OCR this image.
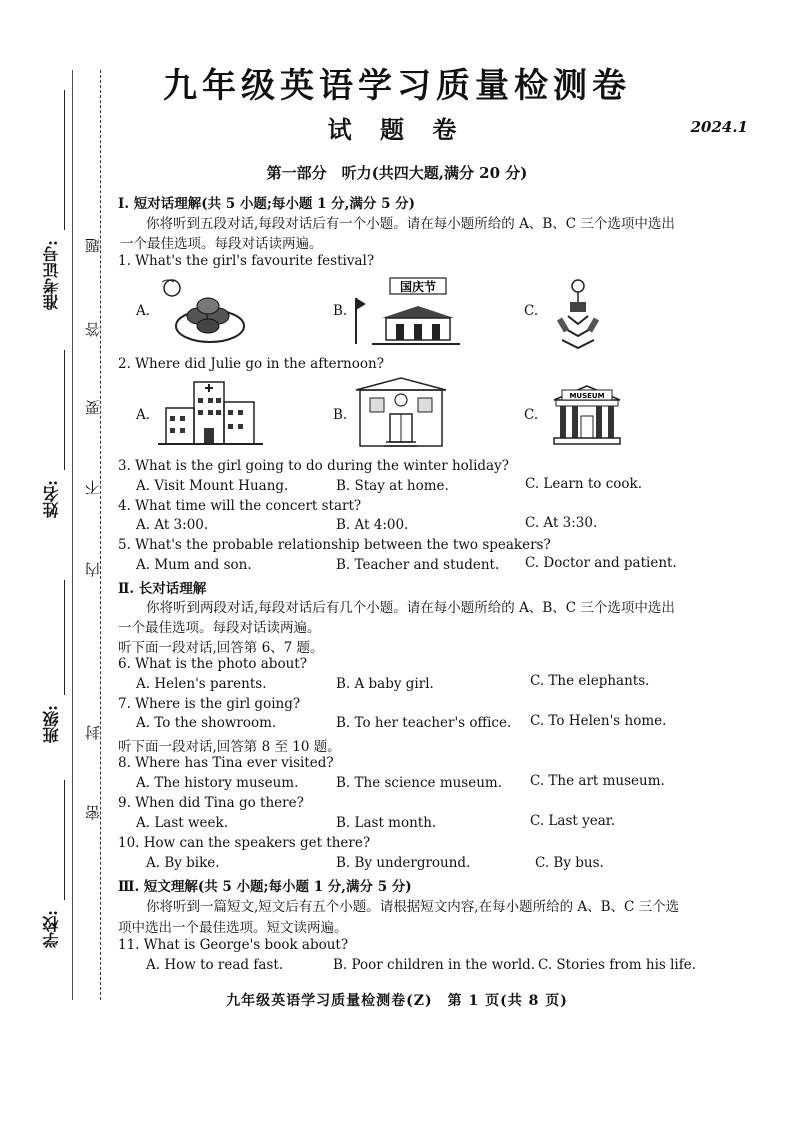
准考证号:
姓名:
班级:
学校:
题
答
要
不
内
封
密
九年级英语学习质量检测卷
试 题 卷	2024.1
第一部分　听力(共四大题,满分 20 分)
Ⅰ. 短对话理解(共 5 小题;每小题 1 分,满分 5 分)
你将听到五段对话,每段对话后有一个小题。请在每小题所给的 A、B、C 三个选项中选出
一个最佳选项。每段对话读两遍。
1. What's the girl's favourite festival?
A.	B.
国庆节
C.
2. Where did Julie go in the afternoon?
A.	B.	C.
MUSEUM
3. What is the girl going to do during the winter holiday?
A. Visit Mount Huang.	B. Stay at home.	C. Learn to cook.
4. What time will the concert start?
A. At 3:00.	B. At 4:00.	C. At 3:30.
5. What's the probable relationship between the two speakers?
A. Mum and son.	B. Teacher and student. C. Doctor and patient.
Ⅱ. 长对话理解
你将听到两段对话,每段对话后有几个小题。请在每小题所给的 A、B、C 三个选项中选出
一个最佳选项。每段对话读两遍。
听下面一段对话,回答第 6、7 题。
6. What is the photo about?
A. Helen's parents.	B. A baby girl.	C. The elephants.
7. Where is the girl going?
A. To the showroom.	B. To her teacher's office. C. To Helen's home.
听下面一段对话,回答第 8 至 10 题。
8. Where has Tina ever visited?
A. The history museum.	B. The science museum. C. The art museum.
9. When did Tina go there?
A. Last week.	B. Last month.	C. Last year.
10. How can the speakers get there?
A. By bike.	B. By underground.	C. By bus.
Ⅲ. 短文理解(共 5 小题;每小题 1 分,满分 5 分)
你将听到一篇短文,短文后有五个小题。请根据短文内容,在每小题所给的 A、B、C 三个选
项中选出一个最佳选项。短文读两遍。
11. What is George's book about?
A. How to read fast.	B. Poor children in the world. C. Stories from his life.
九年级英语学习质量检测卷(Z)　第 1 页(共 8 页)
